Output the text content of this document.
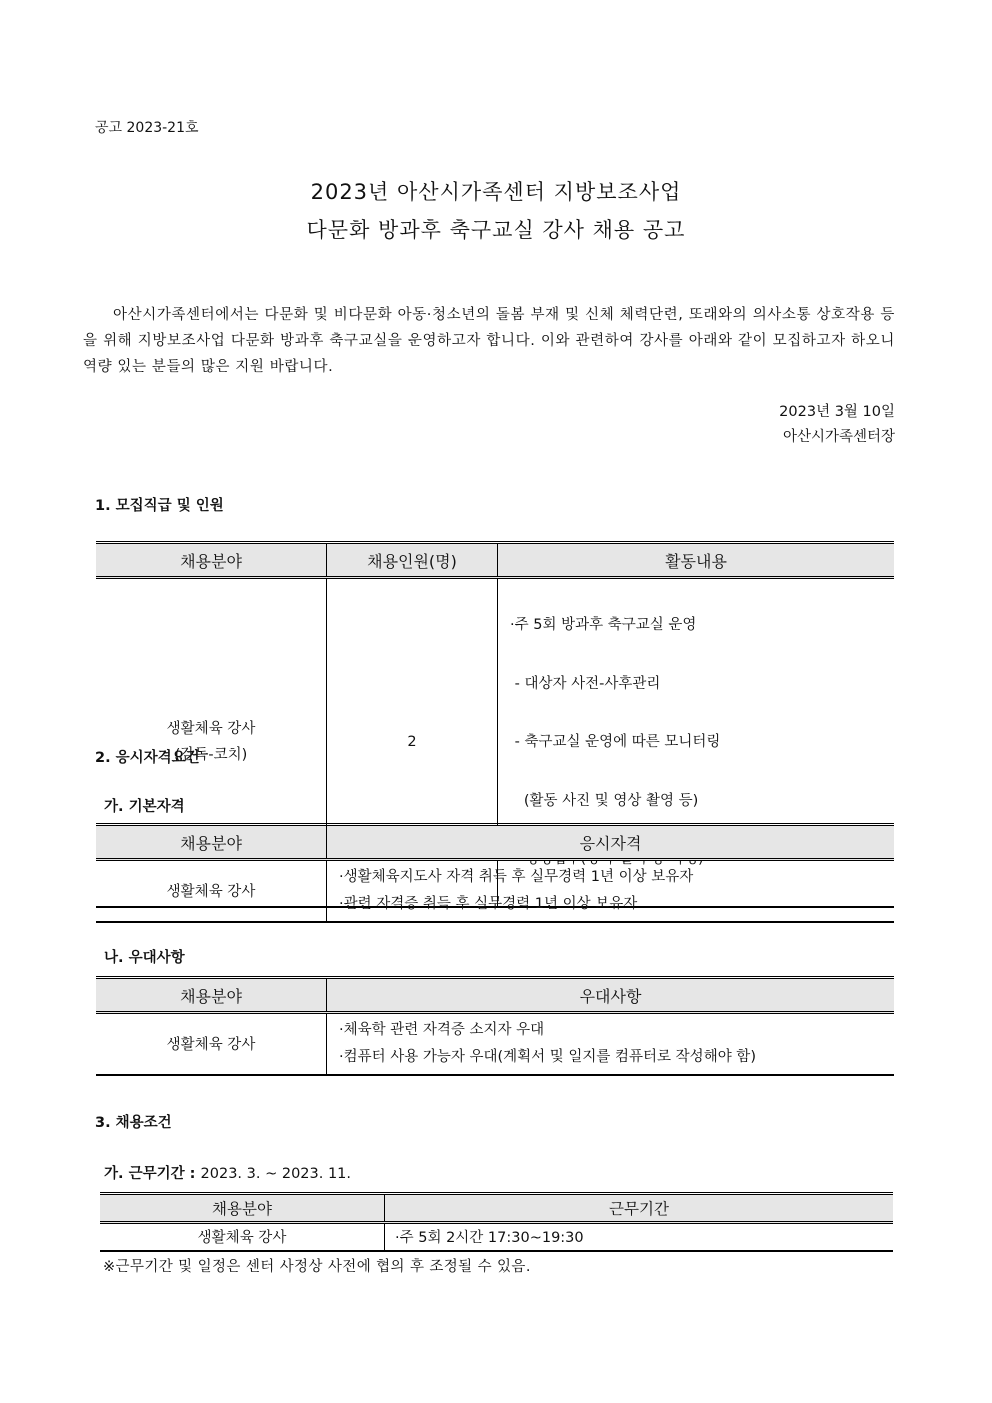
공고 2023-21호
2023년 아산시가족센터 지방보조사업
다문화 방과후 축구교실 강사 채용 공고
아산시가족센터에서는 다문화 및 비다문화 아동·청소년의 돌봄 부재 및 신체 체력단련, 또래와의 의사소통 상호작용 등을 위해 지방보조사업 다문화 방과후 축구교실을 운영하고자 합니다. 이와 관련하여 강사를 아래와 같이 모집하고자 하오니 역량 있는 분들의 많은 지원 바랍니다.
2023년 3월 10일
아산시가족센터장
1. 모집직급 및 인원
채용분야	채용인원(명)	활동내용

생활체육 강사
(감독-코치)	2	·주 5회 방과후 축구교실 운영

- 대상자 사전-사후관리

- 축구교실 운영에 따른 모니터링

(활동 사진 및 영상 촬영 등)

2. 응시자격요건
가. 기본자격
채용분야	응시자격
생활체육 강사	·생활체육지도사 자격 취득 후 실무경력 1년 이상 보유자
·관련 자격증 취득 후 실무경력 1년 이상 보유자
나. 우대사항
채용분야	우대사항
생활체육 강사	·체육학 관련 자격증 소지자 우대
·컴퓨터 사용 가능자 우대(계획서 및 일지를 컴퓨터로 작성해야 함)
3. 채용조건
가. 근무기간 : 2023. 3. ~ 2023. 11.
채용분야	근무기간
생활체육 강사	·주 5회 2시간 17:30~19:30
※근무기간 및 일정은 센터 사정상 사전에 협의 후 조정될 수 있음.
